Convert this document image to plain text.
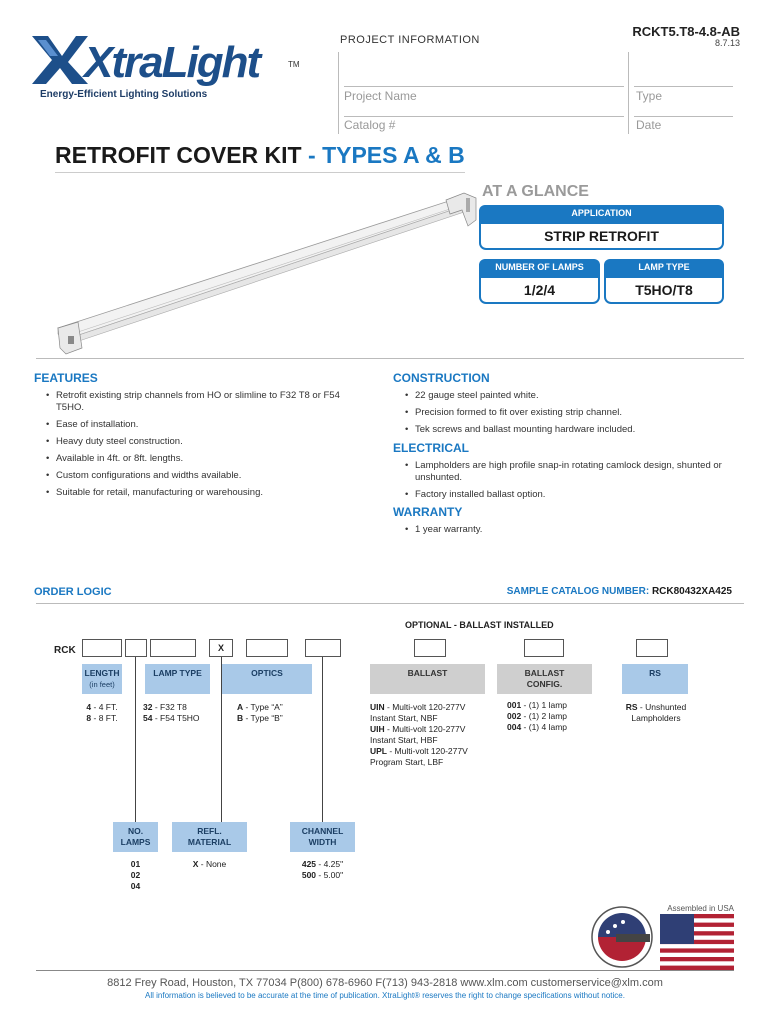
RCKT5.T8-4.8-AB
8.7.13
XtraLight	TM
Energy-Efficient Lighting Solutions
PROJECT INFORMATION
Project Name	Type
Catalog #	Date
RETROFIT COVER KIT - TYPES A & B
AT A GLANCE
APPLICATION
STRIP RETROFIT
NUMBER OF LAMPS
1/2/4
LAMP TYPE
T5HO/T8
FEATURES
• Retrofit existing strip channels from HO or slimline to F32 T8 or F54 T5HO.
• Ease of installation.
• Heavy duty steel construction.
• Available in 4ft. or 8ft. lengths.
• Custom configurations and widths available.
• Suitable for retail, manufacturing or warehousing.
CONSTRUCTION
• 22 gauge steel painted white.
• Precision formed to fit over existing strip channel.
• Tek screws and ballast mounting hardware included.
ELECTRICAL
• Lampholders are high profile snap-in rotating camlock design, shunted or unshunted.
• Factory installed ballast option.
WARRANTY
• 1 year warranty.
ORDER LOGIC	SAMPLE CATALOG NUMBER: RCK80432XA425
OPTIONAL - BALLAST INSTALLED
RCK	X
LENGTH
(in feet)
LAMP TYPE	OPTICS	BALLAST	BALLAST
CONFIG.
RS
4 - 4 FT.
8 - 8 FT.
32 - F32 T8
54 - F54 T5HO
A - Type “A”
B - Type “B”
UIN - Multi-volt 120-277V
Instant Start, NBF
UIH - Multi-volt 120-277V
Instant Start, HBF
UPL - Multi-volt 120-277V
Program Start, LBF
001 - (1) 1 lamp
002 - (1) 2 lamp
004 - (1) 4 lamp
RS - Unshunted
Lampholders
NO.
LAMPS
REFL.
MATERIAL
CHANNEL
WIDTH
01
02
04
X - None	425 - 4.25"
500 - 5.00"
Assembled in USA
8812 Frey Road, Houston, TX 77034 P(800) 678-6960 F(713) 943-2818 www.xlm.com customerservice@xlm.com
All information is believed to be accurate at the time of publication. XtraLight® reserves the right to change specifications without notice.
